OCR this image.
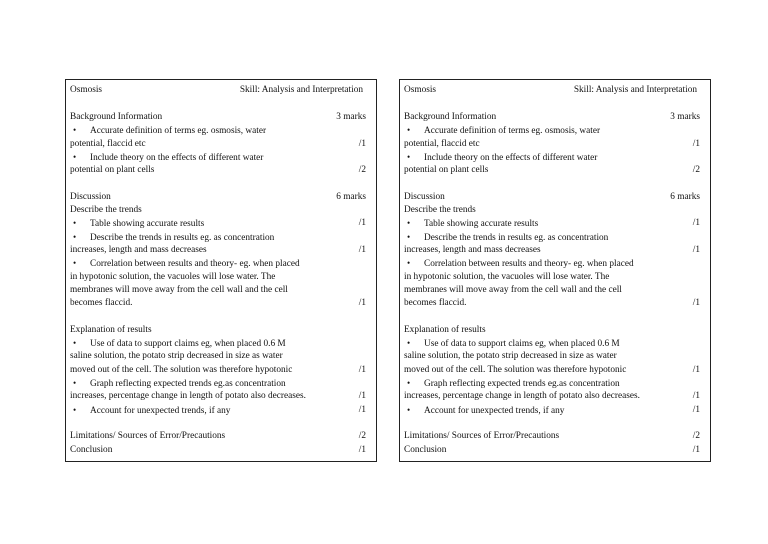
Osmosis	Skill: Analysis and Interpretation
Background Information	3 marks
• Accurate definition of terms eg. osmosis, water
potential, flaccid etc	/1
• Include theory on the effects of different water
potential on plant cells	/2
Discussion	6 marks
Describe the trends
• Table showing accurate results	/1
• Describe the trends in results eg. as concentration
increases, length and mass decreases	/1
• Correlation between results and theory- eg. when placed
in hypotonic solution, the vacuoles will lose water. The
membranes will move away from the cell wall and the cell
becomes flaccid.	/1
Explanation of results
• Use of data to support claims eg, when placed 0.6 M
saline solution, the potato strip decreased in size as water
moved out of the cell. The solution was therefore hypotonic	/1
• Graph reflecting expected trends eg.as concentration
increases, percentage change in length of potato also decreases.	/1
• Account for unexpected trends, if any	/1
Limitations/ Sources of Error/Precautions	/2
Conclusion	/1
Osmosis	Skill: Analysis and Interpretation
Background Information	3 marks
• Accurate definition of terms eg. osmosis, water
potential, flaccid etc	/1
• Include theory on the effects of different water
potential on plant cells	/2
Discussion	6 marks
Describe the trends
• Table showing accurate results	/1
• Describe the trends in results eg. as concentration
increases, length and mass decreases	/1
• Correlation between results and theory- eg. when placed
in hypotonic solution, the vacuoles will lose water. The
membranes will move away from the cell wall and the cell
becomes flaccid.	/1
Explanation of results
• Use of data to support claims eg, when placed 0.6 M
saline solution, the potato strip decreased in size as water
moved out of the cell. The solution was therefore hypotonic	/1
• Graph reflecting expected trends eg.as concentration
increases, percentage change in length of potato also decreases.	/1
• Account for unexpected trends, if any	/1
Limitations/ Sources of Error/Precautions	/2
Conclusion	/1
